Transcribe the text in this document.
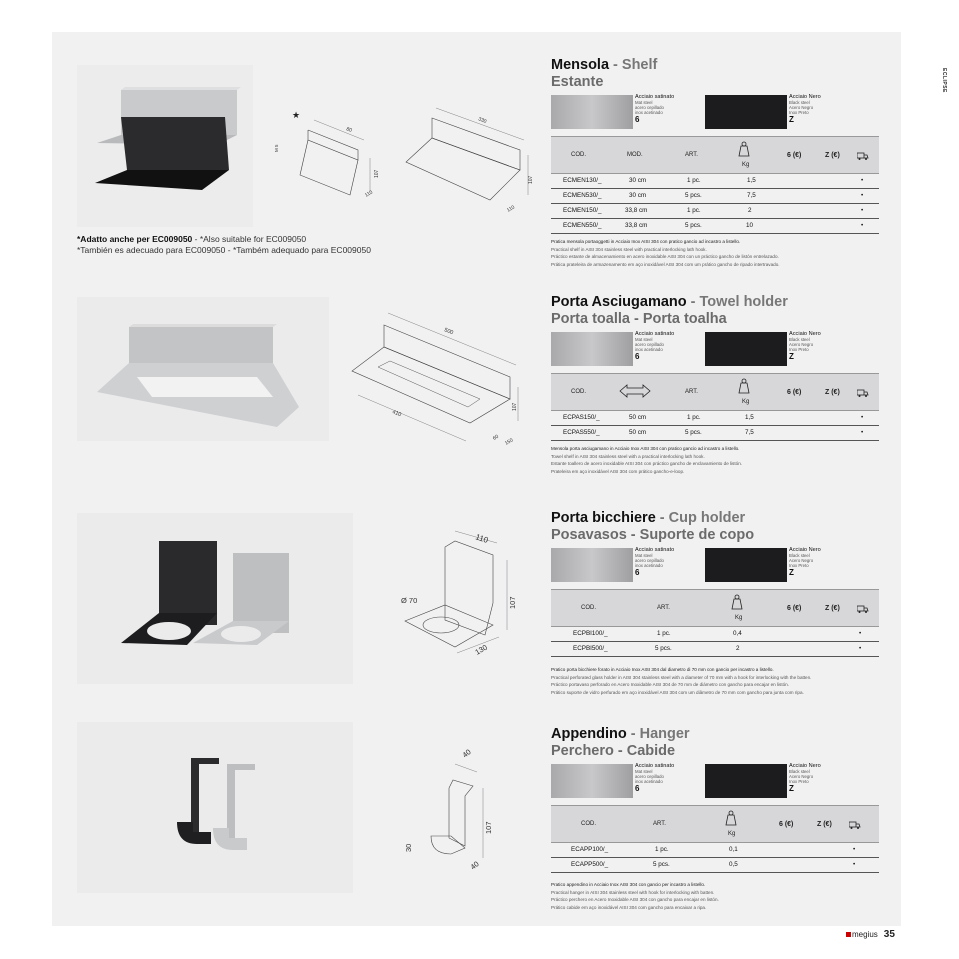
ECLIPSE
★
80
107
110
M 5
330
107
110
*Adatto anche per EC009050 - *Also suitable for EC009050
*También es adecuado para EC009050 - *Também adequado para EC009050
500
410
107
60 150
110
Ø 70	107
130
40
107
30
40
Mensola - Shelf
Estante
Acciaio satinato
Mat steel
acero cepillado
inox acetinado
6
Acciaio Nero
Black steel
Acero Negro
Inox Preto
Z
COD.	MOD.	ART.
Kg
6 (€)	Z (€)
ECMEN130/_	30 cm	1 pc.	1,5	•
ECMEN530/_	30 cm	5 pcs.	7,5	•
ECMEN150/_	33,8 cm	1 pc.	2	•
ECMEN550/_	33,8 cm	5 pcs.	10	•
Pratica mensola portaoggetti in Acciaio Inox AISI 304 con pratico gancio ad incastro a listello.
Practical shelf in AISI 304 stainless steel with practical interlocking lath hook.
Práctico estante de almacenamiento en acero inoxidable AISI 304 con un práctico gancho de listón entrelazado.
Prática prateleira de armazenamento em aço inoxidável AISI 304 com um prático gancho de ripado intertravado.
Porta Asciugamano - Towel holder
Porta toalla - Porta toalha
Acciaio satinato
Mat steel
acero cepillado
inox acetinado
6
Acciaio Nero
Black steel
Acero Negro
Inox Preto
Z
COD.	ART.
Kg
6 (€)	Z (€)
ECPAS150/_	50 cm	1 pc.	1,5	•
ECPAS550/_	50 cm	5 pcs.	7,5	•
Mensola porta asciugamano in Acciaio Inox AISI 304 con pratico gancio ad incastro a listello.
Towel shelf in AISI 304 stainless steel with a practical interlocking lath hook.
Estante toallero de acero inoxidable AISI 304 con práctico gancho de enclavamiento de listón.
Prateleira em aço inoxidável AISI 304 com prático gancho-e-loop.
Porta bicchiere - Cup holder
Posavasos - Suporte de copo
Acciaio satinato
Mat steel
acero cepillado
inox acetinado
6
Acciaio Nero
Black steel
Acero Negro
Inox Preto
Z
COD.	ART.
Kg
6 (€)	Z (€)
ECPBI100/_	1 pc.	0,4	•
ECPBI500/_	5 pcs.	2	•
Pratico porta bicchiere forato in Acciaio Inox AISI 304 dal diametro di 70 mm con gancio per incastro a listello.
Practical perforated glass holder in AISI 304 stainless steel with a diameter of 70 mm with a hook for interlocking with the batten.
Práctico portavaso perforado en Acero Inoxidable AISI 304 de 70 mm de diámetro con gancho para encajar en listón.
Prático suporte de vidro perfurado em aço inoxidável AISI 304 com um diâmetro de 70 mm com gancho para junta com ripa.
Appendino - Hanger
Perchero - Cabide
Acciaio satinato
Mat steel
acero cepillado
inox acetinado
6
Acciaio Nero
Black steel
Acero Negro
Inox Preto
Z
COD.	ART.
Kg
6 (€)	Z (€)
ECAPP100/_	1 pc.	0,1	•
ECAPP500/_	5 pcs.	0,5	•
Pratico appendino in Acciaio Inox AISI 304 con gancio per incastro a listello.
Practical hanger in AISI 304 stainless steel with hook for interlocking with batten.
Práctico perchero en Acero Inoxidable AISI 304 con gancho para encajar en listón.
Prático cabide em aço inoxidável AISI 304 com gancho para encaixar a ripa.
megius 35
